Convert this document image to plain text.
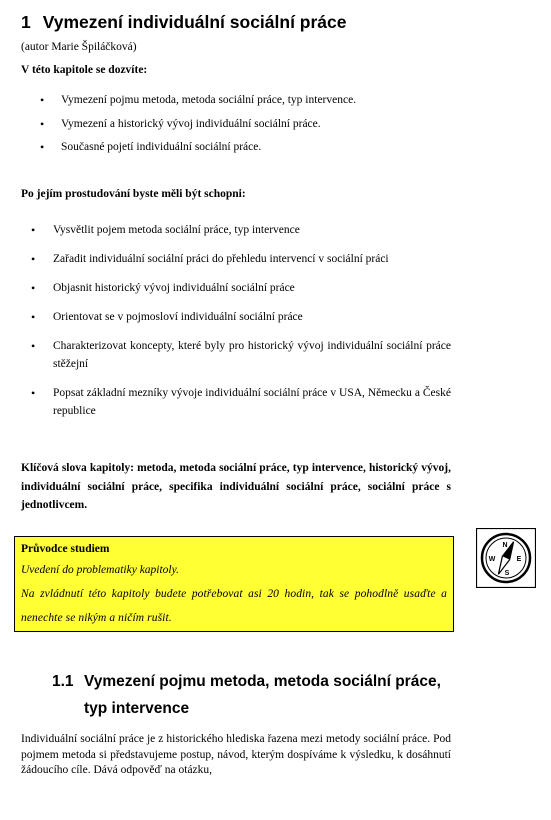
1 Vymezení individuální sociální práce
(autor Marie Špiláčková)
V této kapitole se dozvíte:
• Vymezení pojmu metoda, metoda sociální práce, typ intervence.
• Vymezení a historický vývoj individuální sociální práce.
• Současné pojetí individuální sociální práce.
Po jejím prostudování byste měli být schopni:
• Vysvětlit pojem metoda sociální práce, typ intervence
• Zařadit individuální sociální práci do přehledu intervencí v sociální práci
• Objasnit historický vývoj individuální sociální práce
• Orientovat se v pojmosloví individuální sociální práce
• Charakterizovat koncepty, které byly pro historický vývoj individuální sociální práce stěžejní
• Popsat základní mezníky vývoje individuální sociální práce v USA, Německu a České republice
Klíčová slova kapitoly: metoda, metoda sociální práce, typ intervence, historický vývoj, individuální sociální práce, specifika individuální sociální práce, sociální práce s jednotlivcem.
Průvodce studiem
Uvedení do problematiky kapitoly.
Na zvládnutí této kapitoly budete potřebovat asi 20 hodin, tak se pohodlně usaďte a nenechte se nikým a ničím rušit.
N
W	E
S
1.1 Vymezení pojmu metoda, metoda sociální práce, typ intervence
Individuální sociální práce je z historického hlediska řazena mezi metody sociální práce. Pod pojmem metoda si představujeme postup, návod, kterým dospíváme k výsledku, k dosáhnutí žádoucího cíle. Dává odpověď na otázku,
